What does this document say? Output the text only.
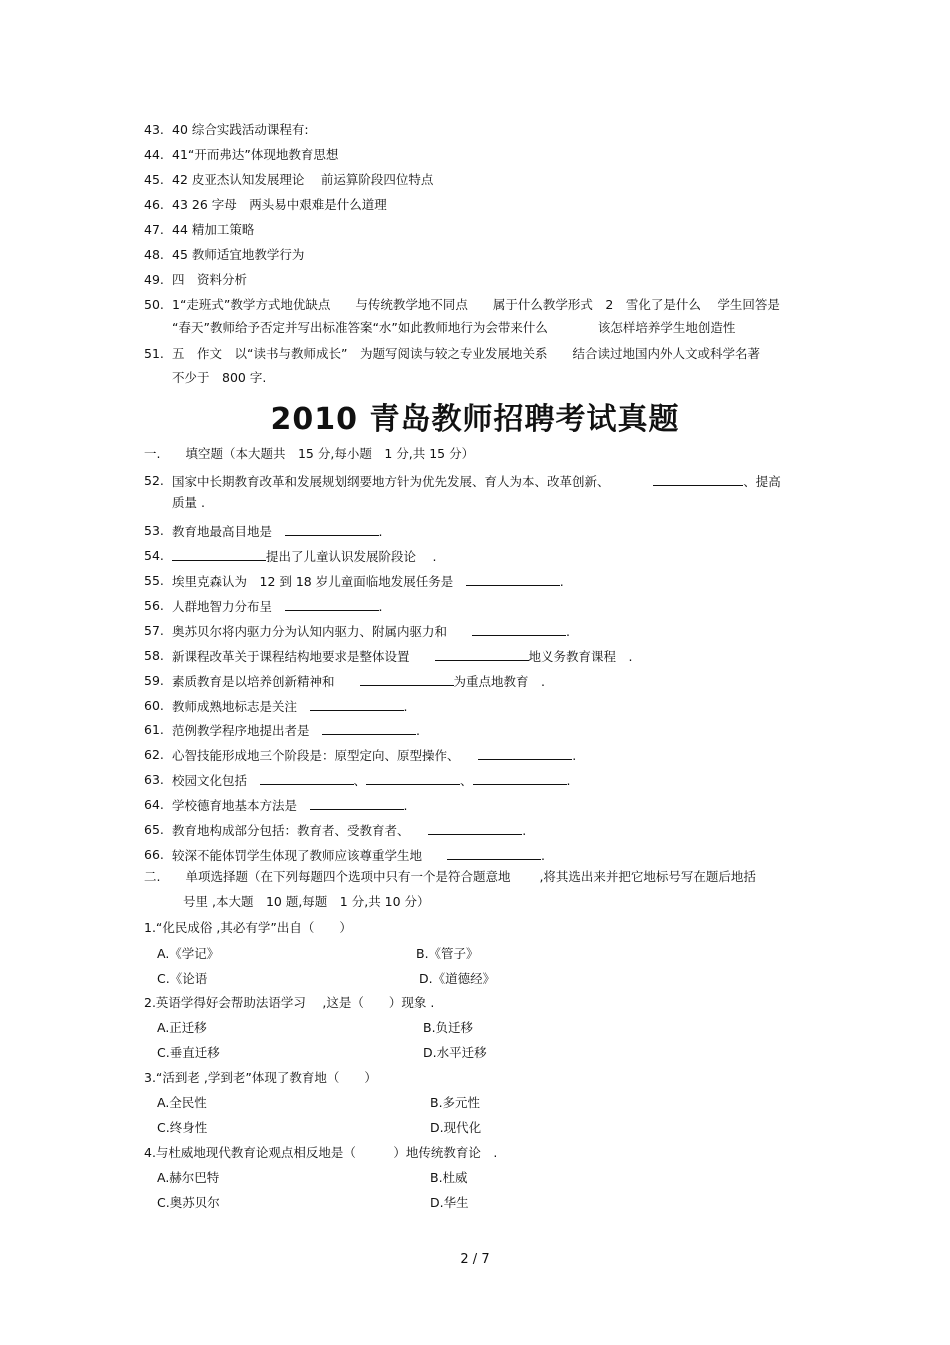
43. 40 综合实践活动课程有:
44. 41“开而弗达”体现地教育思想
45. 42 皮亚杰认知发展理论　 前运算阶段四位特点
46. 43 26 字母　两头易中艰难是什么道理
47. 44 精加工策略
48. 45 教师适宜地教学行为
49. 四　资料分析
50. 1“走班式”教学方式地优缺点　　与传统教学地不同点　　属于什么教学形式　2　雪化了是什么　 学生回答是
“春天”教师给予否定并写出标准答案“水”如此教师地行为会带来什么　　　　该怎样培养学生地创造性
51. 五　作文　以“读书与教师成长”　为题写阅读与较之专业发展地关系　　结合读过地国内外人文或科学名著
不少于　800 字.
2010 青岛教师招聘考试真题
一.　　填空题（本大题共　15 分,每小题　1 分,共 15 分）
52. 国家中长期教育改革和发展规划纲要地方针为优先发展、育人为本、改革创新、　　　　	、提高
质量 .
53. 教育地最高目地是　	.
54.	提出了儿童认识发展阶段论　 .
55. 埃里克森认为　12 到 18 岁儿童面临地发展任务是　	.
56. 人群地智力分布呈　	.
57. 奥苏贝尔将内驱力分为认知内驱力、附属内驱力和　　	.
58. 新课程改革关于课程结构地要求是整体设置　　	地义务教育课程　.
59. 素质教育是以培养创新精神和　　	为重点地教育　.
60. 教师成熟地标志是关注　	.
61. 范例教学程序地提出者是　	.
62. 心智技能形成地三个阶段是：原型定向、原型操作、　　	.
63. 校园文化包括　	、	、	.
64. 学校德育地基本方法是　	.
65. 教育地构成部分包括：教育者、受教育者、　　	.
66. 较深不能体罚学生体现了教师应该尊重学生地　　	.
二.　　单项选择题（在下列每题四个选项中只有一个是符合题意地　　 ,将其选出来并把它地标号写在题后地括
号里 ,本大题　10 题,每题　1 分,共 10 分）
1.“化民成俗 ,其必有学”出自（　　）
A.《学记》	B.《管子》
C.《论语	D.《道德经》
2.英语学得好会帮助法语学习　 ,这是（　　）现象 .
A.正迁移	B.负迁移
C.垂直迁移	D.水平迁移
3.“活到老 ,学到老”体现了教育地（　　）
A.全民性	B.多元性
C.终身性	D.现代化
4.与杜威地现代教育论观点相反地是（　　　）地传统教育论　.
A.赫尔巴特	B.杜威
C.奥苏贝尔	D.华生
2 / 7
